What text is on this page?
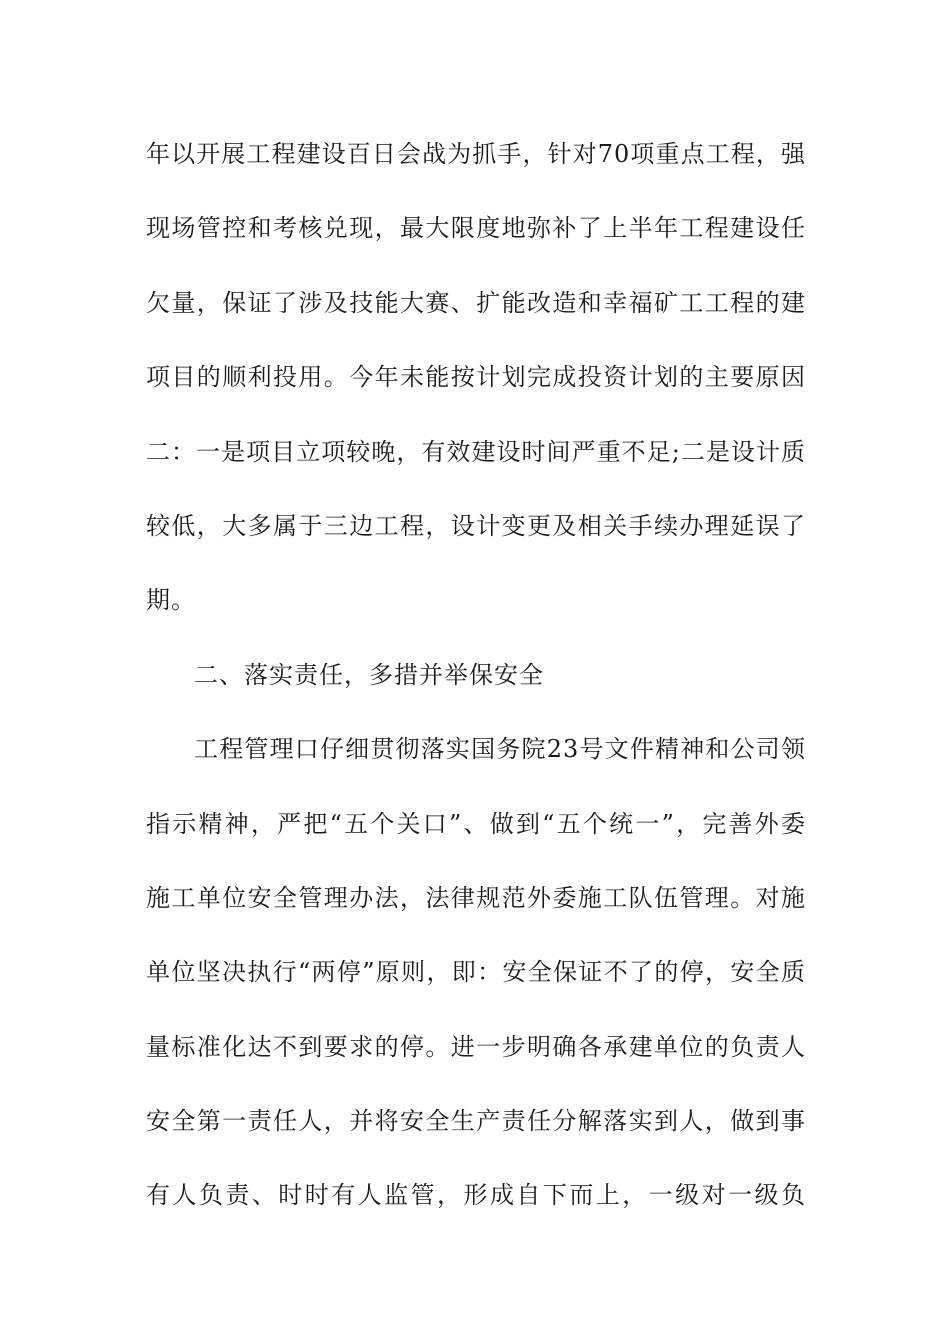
年以开展工程建设百日会战为抓手，针对70项重点工程，强
现场管控和考核兑现，最大限度地弥补了上半年工程建设任
欠量，保证了涉及技能大赛、扩能改造和幸福矿工工程的建
项目的顺利投用。今年未能按计划完成投资计划的主要原因
二：一是项目立项较晚，有效建设时间严重不足;二是设计质
较低，大多属于三边工程，设计变更及相关手续办理延误了
期。
二、落实责任，多措并举保安全
工程管理口仔细贯彻落实国务院23号文件精神和公司领
指示精神，严把“五个关口”、做到“五个统一”，完善外委
施工单位安全管理办法，法律规范外委施工队伍管理。对施
单位坚决执行“两停”原则，即：安全保证不了的停，安全质
量标准化达不到要求的停。进一步明确各承建单位的负责人
安全第一责任人，并将安全生产责任分解落实到人，做到事
有人负责、时时有人监管，形成自下而上，一级对一级负
